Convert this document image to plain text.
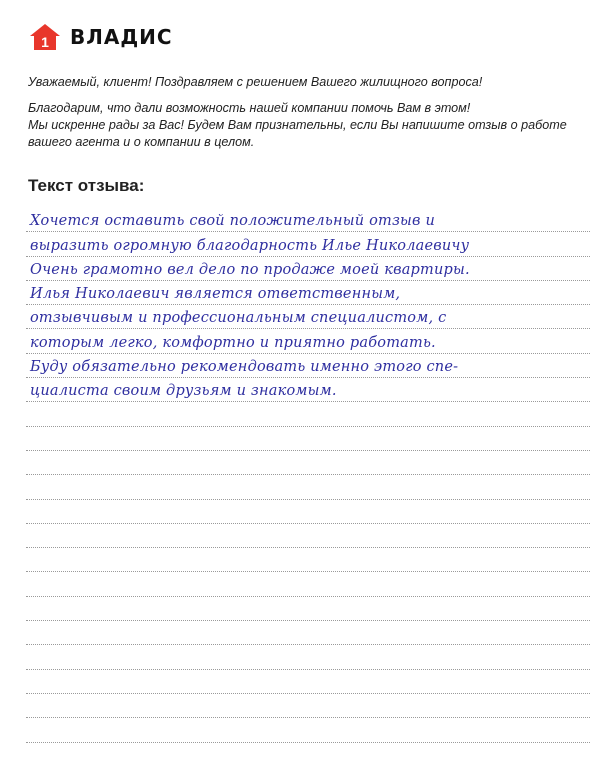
1 ВЛАДИС

Уважаемый, клиент! Поздравляем с решением Вашего жилищного вопроса!

Благодарим, что дали возможность нашей компании помочь Вам в этом!
Мы искренне рады за Вас! Будем Вам признательны, если Вы напишите отзыв о работе вашего агента и о компании в целом.

Текст отзыва:
Хочется оставить свой положительный отзыв и
выразить огромную благодарность Илье Николаевичу
Очень грамотно вел дело по продаже моей квартиры.
Илья Николаевич является ответственным,
отзывчивым и профессиональным специалистом, с
которым легко, комфортно и приятно работать.
Буду обязательно рекомендовать именно этого спе-
циалиста своим друзьям и знакомым.
